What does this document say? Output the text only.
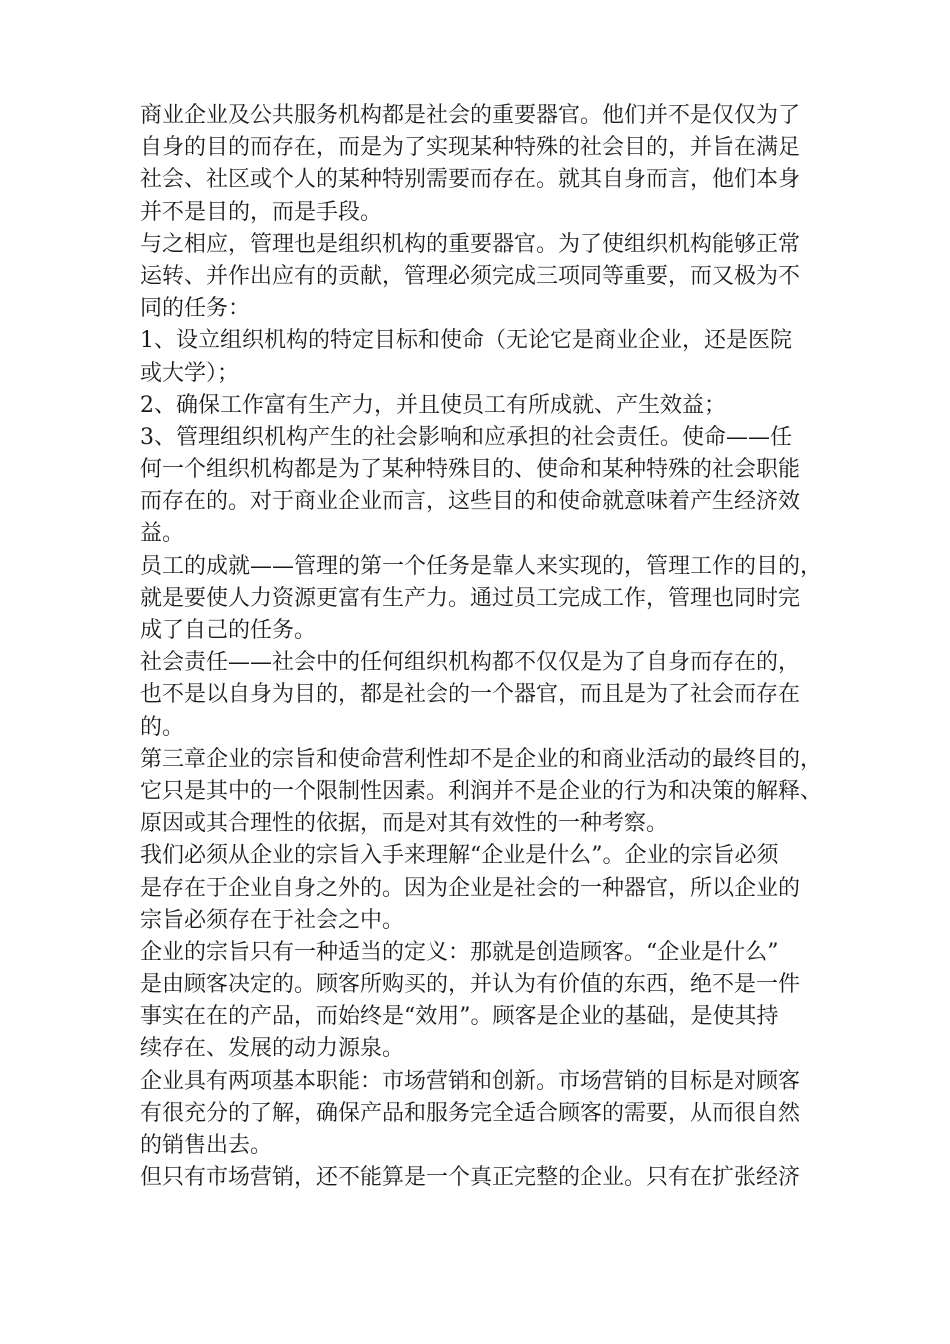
商业企业及公共服务机构都是社会的重要器官。他们并不是仅仅为了
自身的目的而存在，而是为了实现某种特殊的社会目的，并旨在满足
社会、社区或个人的某种特别需要而存在。就其自身而言，他们本身
并不是目的，而是手段。
与之相应，管理也是组织机构的重要器官。为了使组织机构能够正常
运转、并作出应有的贡献，管理必须完成三项同等重要，而又极为不
同的任务：
1、设立组织机构的特定目标和使命（无论它是商业企业，还是医院
或大学）；
2、确保工作富有生产力，并且使员工有所成就、产生效益；
3、管理组织机构产生的社会影响和应承担的社会责任。使命——任
何一个组织机构都是为了某种特殊目的、使命和某种特殊的社会职能
而存在的。对于商业企业而言，这些目的和使命就意味着产生经济效
益。
员工的成就——管理的第一个任务是靠人来实现的，管理工作的目的，
就是要使人力资源更富有生产力。通过员工完成工作，管理也同时完
成了自己的任务。
社会责任——社会中的任何组织机构都不仅仅是为了自身而存在的，
也不是以自身为目的，都是社会的一个器官，而且是为了社会而存在
的。
第三章企业的宗旨和使命营利性却不是企业的和商业活动的最终目的，
它只是其中的一个限制性因素。利润并不是企业的行为和决策的解释、
原因或其合理性的依据，而是对其有效性的一种考察。
我们必须从企业的宗旨入手来理解“企业是什么”。企业的宗旨必须
是存在于企业自身之外的。因为企业是社会的一种器官，所以企业的
宗旨必须存在于社会之中。
企业的宗旨只有一种适当的定义：那就是创造顾客。“企业是什么”
是由顾客决定的。顾客所购买的，并认为有价值的东西，绝不是一件
事实在在的产品，而始终是“效用”。顾客是企业的基础，是使其持
续存在、发展的动力源泉。
企业具有两项基本职能：市场营销和创新。市场营销的目标是对顾客
有很充分的了解，确保产品和服务完全适合顾客的需要，从而很自然
的销售出去。
但只有市场营销，还不能算是一个真正完整的企业。只有在扩张经济
